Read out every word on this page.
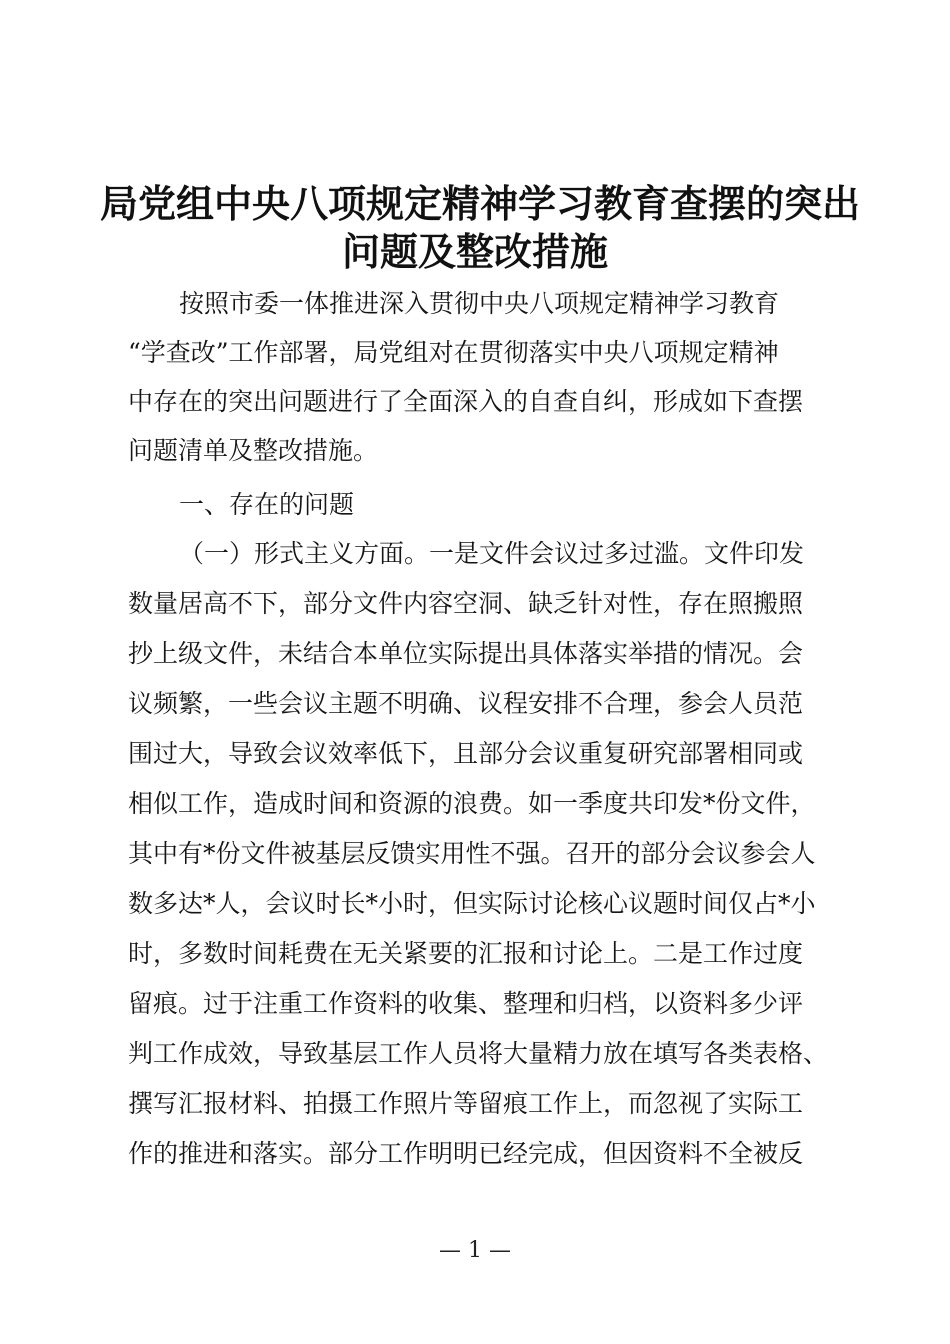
局党组中央八项规定精神学习教育查摆的突出
问题及整改措施
按照市委一体推进深入贯彻中央八项规定精神学习教育
“学查改”工作部署，局党组对在贯彻落实中央八项规定精神
中存在的突出问题进行了全面深入的自查自纠，形成如下查摆
问题清单及整改措施。
一、存在的问题
（一）形式主义方面。一是文件会议过多过滥。文件印发
数量居高不下，部分文件内容空洞、缺乏针对性，存在照搬照
抄上级文件，未结合本单位实际提出具体落实举措的情况。会
议频繁，一些会议主题不明确、议程安排不合理，参会人员范
围过大，导致会议效率低下，且部分会议重复研究部署相同或
相似工作，造成时间和资源的浪费。如一季度共印发*份文件，
其中有*份文件被基层反馈实用性不强。召开的部分会议参会人
数多达*人，会议时长*小时，但实际讨论核心议题时间仅占*小
时，多数时间耗费在无关紧要的汇报和讨论上。二是工作过度
留痕。过于注重工作资料的收集、整理和归档，以资料多少评
判工作成效，导致基层工作人员将大量精力放在填写各类表格、
撰写汇报材料、拍摄工作照片等留痕工作上，而忽视了实际工
作的推进和落实。部分工作明明已经完成，但因资料不全被反
— 1 —
